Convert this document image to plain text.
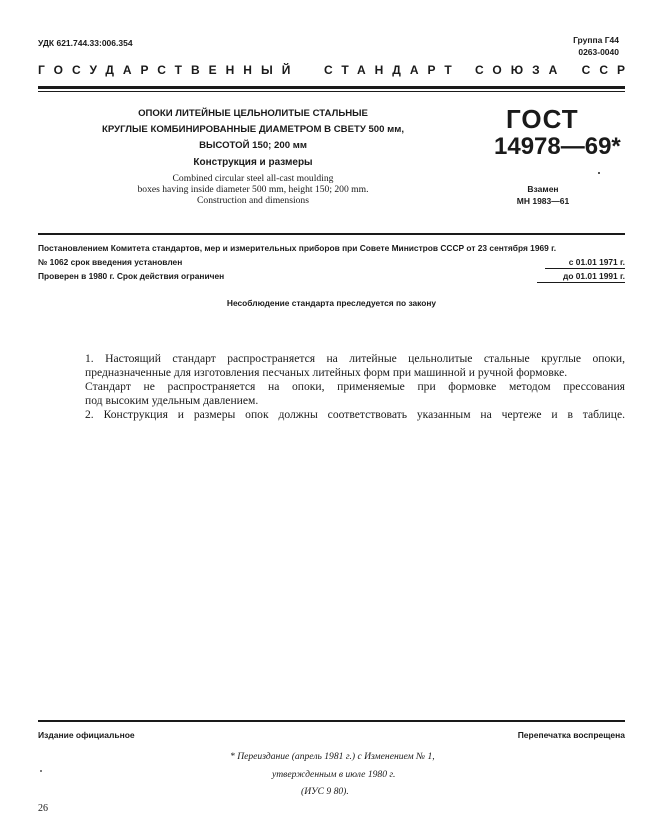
УДК 621.744.33:006.354	Группа Г44
0263-0040
ГОСУДАРСТВЕННЫЙ СТАНДАРТ СОЮЗА ССР
ОПОКИ ЛИТЕЙНЫЕ ЦЕЛЬНОЛИТЫЕ СТАЛЬНЫЕ
КРУГЛЫЕ КОМБИНИРОВАННЫЕ ДИАМЕТРОМ В СВЕТУ 500 мм,
ВЫСОТОЙ 150; 200 мм
Конструкция и размеры
Combined circular steel all-cast moulding
boxes having inside diameter 500 mm, height 150; 200 mm.
Construction and dimensions
ГОСТ
14978—69*
Взамен
МН 1983—61
Постановлением Комитета стандартов, мер и измерительных приборов при Совете Министров СССР от 23 сентября 1969 г.
№ 1062 срок введения установлен	с 01.01 1971 г.
Проверен в 1980 г. Срок действия ограничен	до 01.01 1991 г.
Несоблюдение стандарта преследуется по закону
1. Настоящий стандарт распространяется на литейные цельнолитые стальные круглые опоки,
предназначенные для изготовления песчаных литейных форм при машинной и ручной формовке.
Стандарт не распространяется на опоки, применяемые при формовке методом прессования
под высоким удельным давлением.
2. Конструкция и размеры опок должны соответствовать указанным на чертеже и в таблице.
Издание официальное	Перепечатка воспрещена
* Переиздание (апрель 1981 г.) с Изменением № 1,
утвержденным в июле 1980 г.
(ИУС 9 80).
26
